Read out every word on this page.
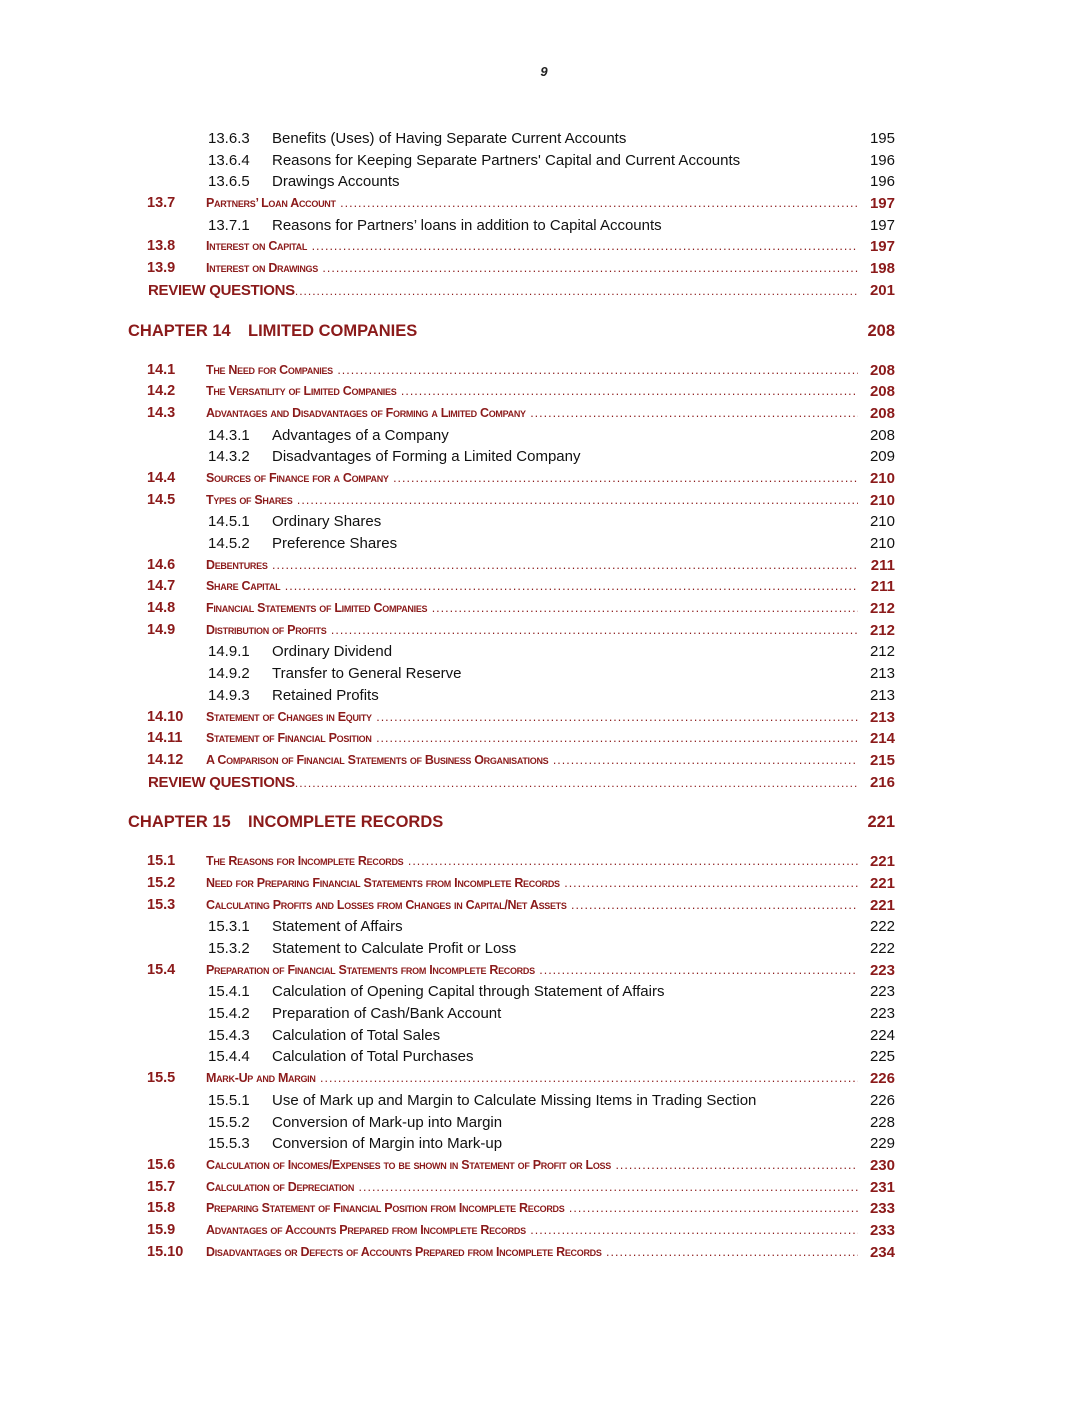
9
13.6.3 Benefits (Uses) of Having Separate Current Accounts	195
13.6.4 Reasons for Keeping Separate Partners' Capital and Current Accounts	196
13.6.5 Drawings Accounts	196
13.7 Partners’ Loan Account .....	197
13.7.1 Reasons for Partners’ loans in addition to Capital Accounts	197
13.8 Interest on Capital .....	197
13.9 Interest on Drawings .....	198
REVIEW QUESTIONS .....	201
CHAPTER 14 LIMITED COMPANIES	208
14.1 The Need for Companies .....	208
14.2 The Versatility of Limited Companies .....	208
14.3 Advantages and Disadvantages of Forming a Limited Company .....	208
14.3.1 Advantages of a Company	208
14.3.2 Disadvantages of Forming a Limited Company	209
14.4 Sources of Finance for a Company .....	210
14.5 Types of Shares .....	210
14.5.1 Ordinary Shares	210
14.5.2 Preference Shares	210
14.6 Debentures .....	211
14.7 Share Capital .....	211
14.8 Financial Statements of Limited Companies .....	212
14.9 Distribution of Profits .....	212
14.9.1 Ordinary Dividend	212
14.9.2 Transfer to General Reserve	213
14.9.3 Retained Profits	213
14.10 Statement of Changes in Equity .....	213
14.11 Statement of Financial Position .....	214
14.12 A Comparison of Financial Statements of Business Organisations .....	215
REVIEW QUESTIONS .....	216
CHAPTER 15 INCOMPLETE RECORDS	221
15.1 The Reasons for Incomplete Records .....	221
15.2 Need for Preparing Financial Statements from Incomplete Records .....	221
15.3 Calculating Profits and Losses from Changes in Capital/Net Assets .....	221
15.3.1 Statement of Affairs	222
15.3.2 Statement to Calculate Profit or Loss	222
15.4 Preparation of Financial Statements from Incomplete Records .....	223
15.4.1 Calculation of Opening Capital through Statement of Affairs	223
15.4.2 Preparation of Cash/Bank Account	223
15.4.3 Calculation of Total Sales	224
15.4.4 Calculation of Total Purchases	225
15.5 Mark-Up and Margin .....	226
15.5.1 Use of Mark up and Margin to Calculate Missing Items in Trading Section	226
15.5.2 Conversion of Mark-up into Margin	228
15.5.3 Conversion of Margin into Mark-up	229
15.6 Calculation of Incomes/Expenses to be shown in Statement of Profit or Loss .....	230
15.7 Calculation of Depreciation .....	231
15.8 Preparing Statement of Financial Position from Incomplete Records .....	233
15.9 Advantages of Accounts Prepared from Incomplete Records .....	233
15.10 Disadvantages or Defects of Accounts Prepared from Incomplete Records .....	234
